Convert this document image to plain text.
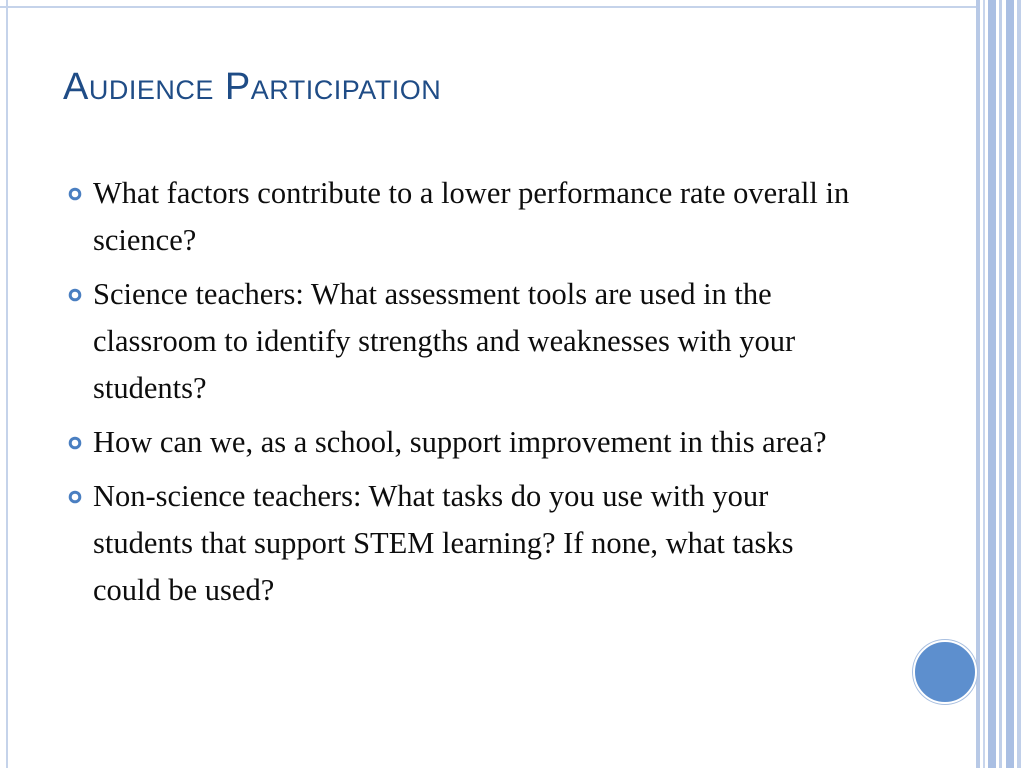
Audience Participation
What factors contribute to a lower performance rate overall in science?
Science teachers: What assessment tools are used in the classroom to identify strengths and weaknesses with your students?
How can we, as a school, support improvement in this area?
Non-science teachers: What tasks do you use with your students that support STEM learning? If none, what tasks could be used?
